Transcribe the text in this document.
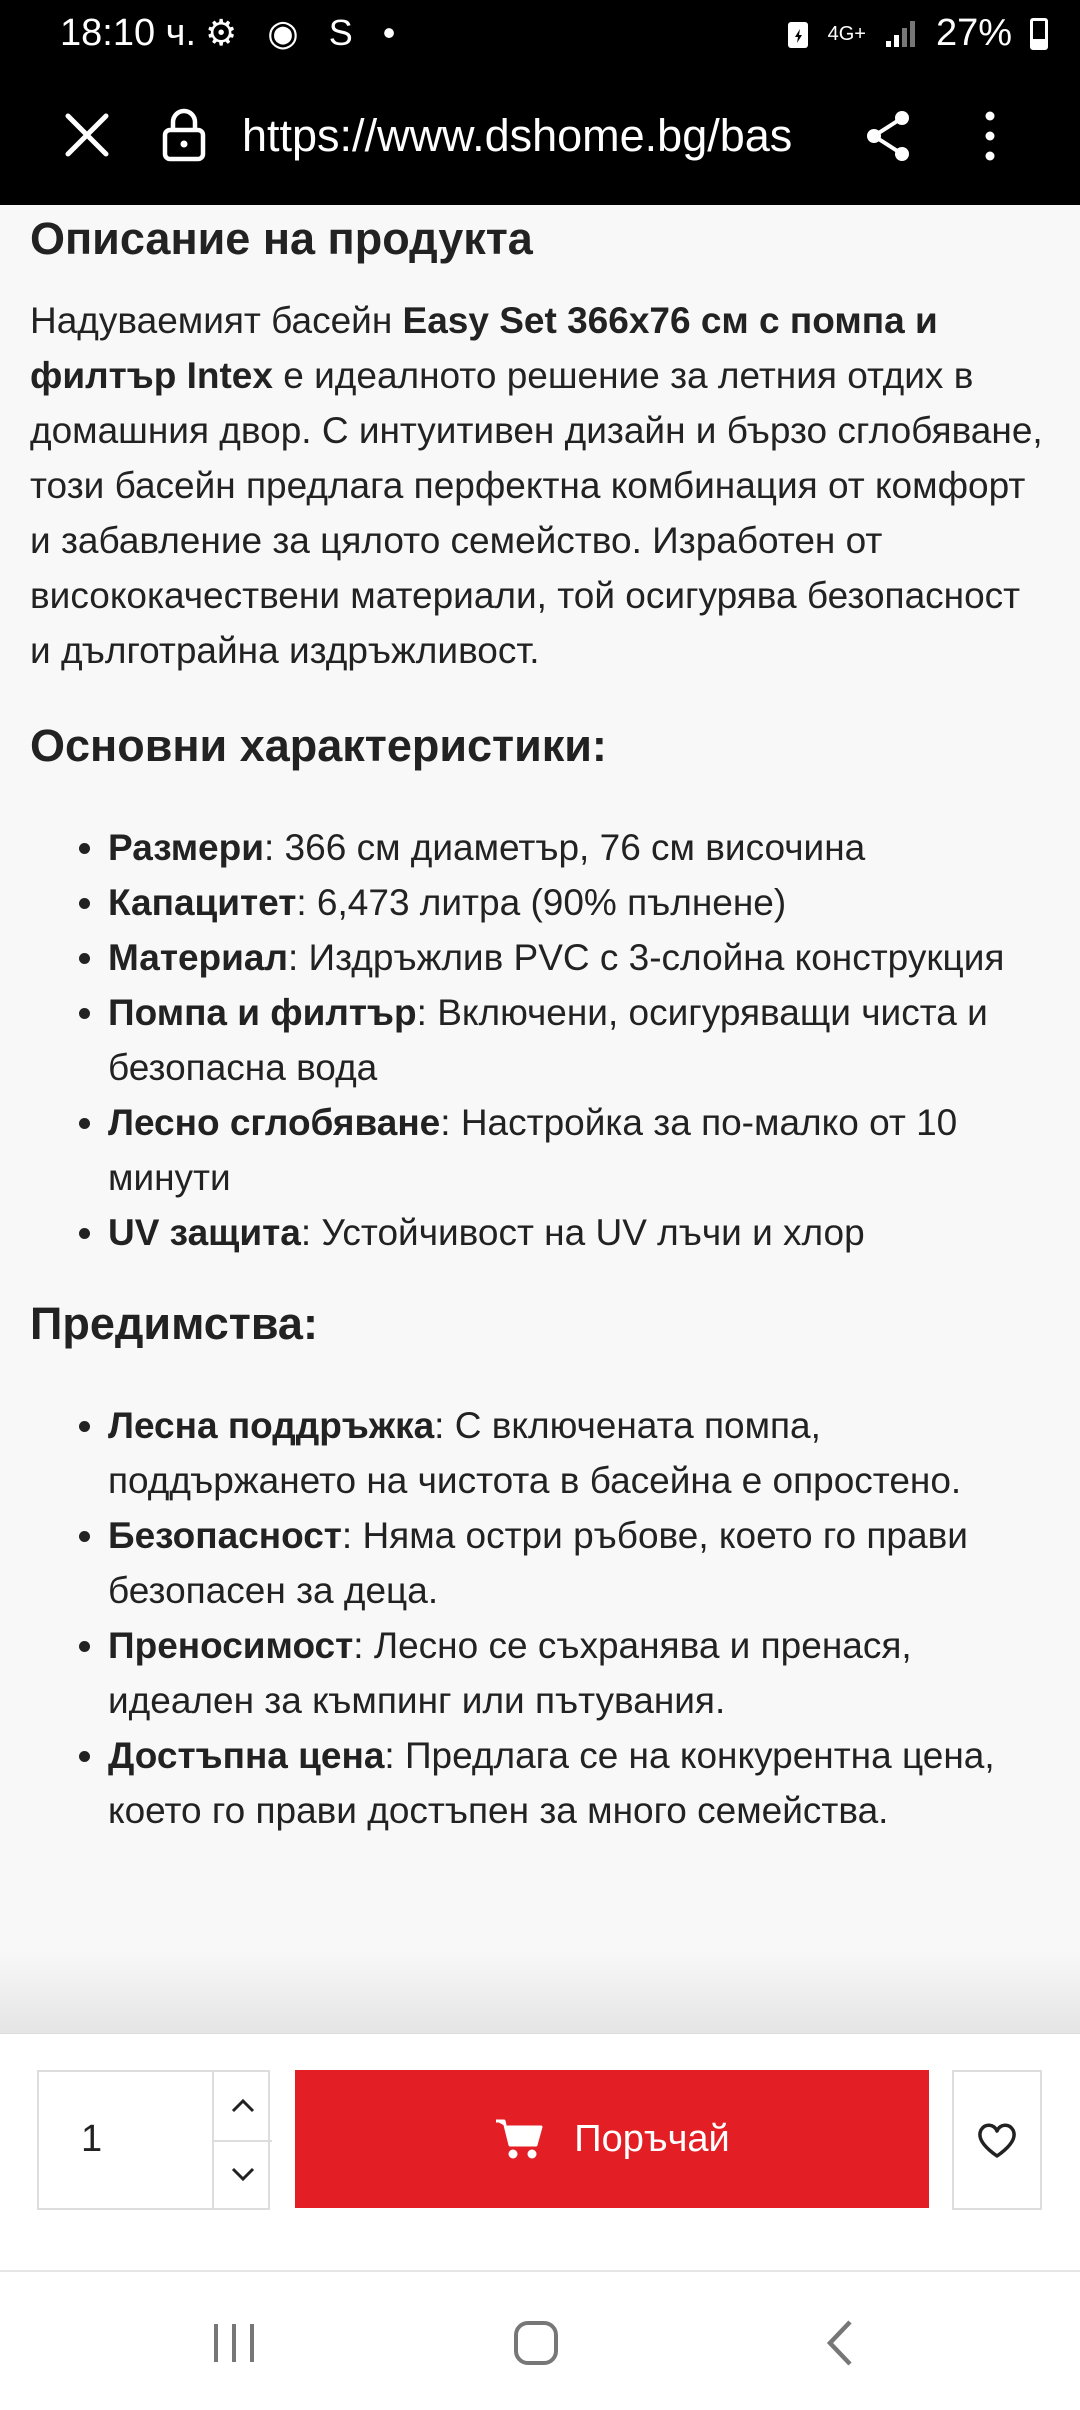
18:10 ч. ⚙ ◉ S •	4G+ 27%
https://www.dshome.bg/bas
Описание на продукта

Надуваемият басейн Easy Set 366x76 см с помпа и филтър Intex е идеалното решение за летния отдих в домашния двор. С интуитивен дизайн и бързо сглобяване, този басейн предлага перфектна комбинация от комфорт и забавление за цялото семейство. Изработен от висококачествени материали, той осигурява безопасност и дълготрайна издръжливост.

Основни характеристики:
• Размери: 366 см диаметър, 76 см височина
• Капацитет: 6,473 литра (90% пълнене)
• Материал: Издръжлив PVC с 3-слойна конструкция
• Помпа и филтър: Включени, осигуряващи чиста и безопасна вода
• Лесно сглобяване: Настройка за по-малко от 10 минути
• UV защита: Устойчивост на UV лъчи и хлор
Предимства:
• Лесна поддръжка: С включената помпа, поддържането на чистота в басейна е опростено.
• Безопасност: Няма остри ръбове, което го прави безопасен за деца.
• Преносимост: Лесно се съхранява и пренася, идеален за къмпинг или пътувания.
• Достъпна цена: Предлага се на конкурентна цена, което го прави достъпен за много семейства.
1	Поръчай
